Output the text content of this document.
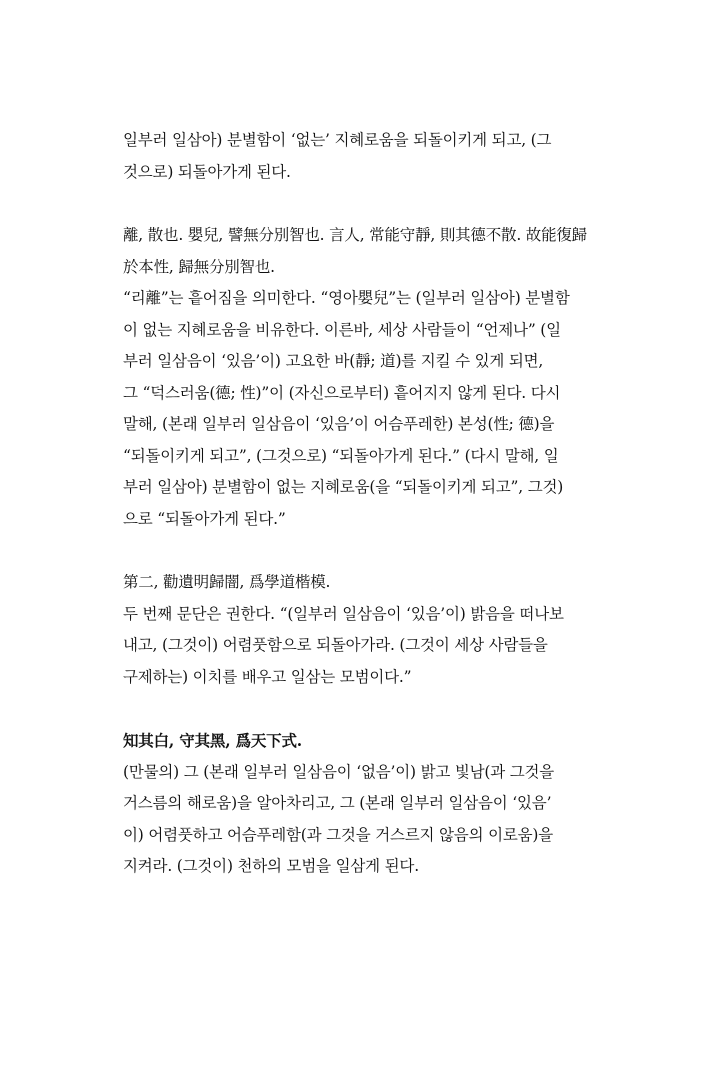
일부러 일삼아) 분별함이 ‘없는’ 지혜로움을 되돌이키게 되고, (그
것으로) 되돌아가게 된다.
離, 散也. 嬰兒, 譬無分別智也. 言人, 常能守靜, 則其德不散. 故能復歸
於本性, 歸無分別智也.
“리離”는 흩어짐을 의미한다. “영아嬰兒”는 (일부러 일삼아) 분별함
이 없는 지혜로움을 비유한다. 이른바, 세상 사람들이 “언제나” (일
부러 일삼음이 ‘있음’이) 고요한 바(靜; 道)를 지킬 수 있게 되면,
그 “덕스러움(德; 性)”이 (자신으로부터) 흩어지지 않게 된다. 다시
말해, (본래 일부러 일삼음이 ‘있음’이 어슴푸레한) 본성(性; 德)을
“되돌이키게 되고”, (그것으로) “되돌아가게 된다.” (다시 말해, 일
부러 일삼아) 분별함이 없는 지혜로움(을 “되돌이키게 되고”, 그것)
으로 “되돌아가게 된다.”
第二, 勸遺明歸闇, 爲學道楷模.
두 번째 문단은 권한다. “(일부러 일삼음이 ‘있음’이) 밝음을 떠나보
내고, (그것이) 어렴풋함으로 되돌아가라. (그것이 세상 사람들을
구제하는) 이치를 배우고 일삼는 모범이다.”
知其白, 守其黑, 爲天下式.
(만물의) 그 (본래 일부러 일삼음이 ‘없음’이) 밝고 빛남(과 그것을
거스름의 해로움)을 알아차리고, 그 (본래 일부러 일삼음이 ‘있음’
이) 어렴풋하고 어슴푸레함(과 그것을 거스르지 않음의 이로움)을
지켜라. (그것이) 천하의 모범을 일삼게 된다.
